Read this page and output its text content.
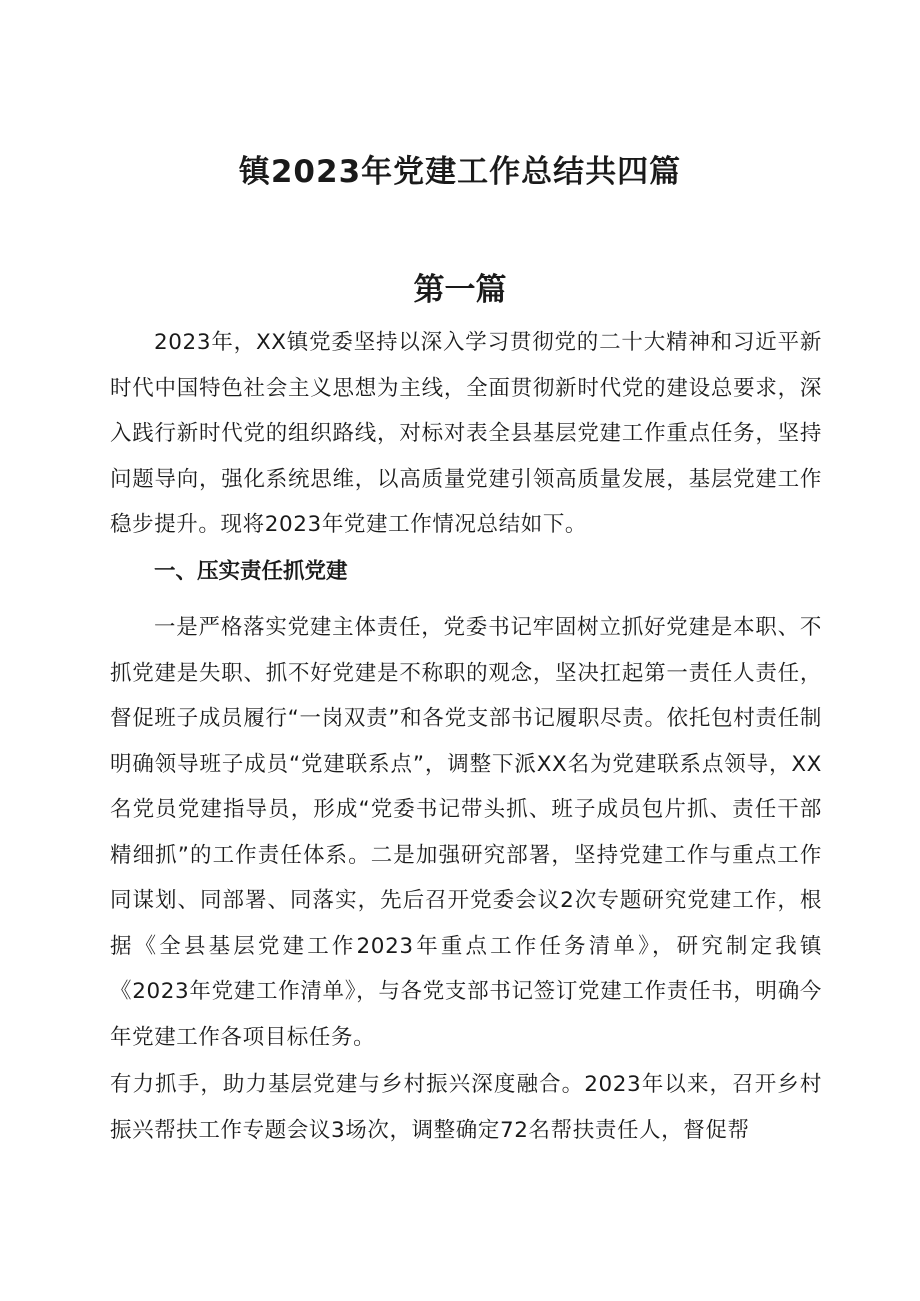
镇2023年党建工作总结共四篇
第一篇

2023年，XX镇党委坚持以深入学习贯彻党的二十大精神和习近平新时代中国特色社会主义思想为主线，全面贯彻新时代党的建设总要求，深入践行新时代党的组织路线，对标对表全县基层党建工作重点任务，坚持问题导向，强化系统思维，以高质量党建引领高质量发展，基层党建工作稳步提升。现将2023年党建工作情况总结如下。

一、压实责任抓党建

一是严格落实党建主体责任，党委书记牢固树立抓好党建是本职、不抓党建是失职、抓不好党建是不称职的观念，坚决扛起第一责任人责任，督促班子成员履行“一岗双责”和各党支部书记履职尽责。依托包村责任制明确领导班子成员“党建联系点”，调整下派XX名为党建联系点领导，XX名党员党建指导员，形成“党委书记带头抓、班子成员包片抓、责任干部精细抓”的工作责任体系。二是加强研究部署，坚持党建工作与重点工作同谋划、同部署、同落实，先后召开党委会议2次专题研究党建工作，根据《全县基层党建工作2023年重点工作任务清单》，研究制定我镇《2023年党建工作清单》，与各党支部书记签订党建工作责任书，明确今年党建工作各项目标任务。

有力抓手，助力基层党建与乡村振兴深度融合。2023年以来，召开乡村振兴帮扶工作专题会议3场次，调整确定72名帮扶责任人，督促帮
